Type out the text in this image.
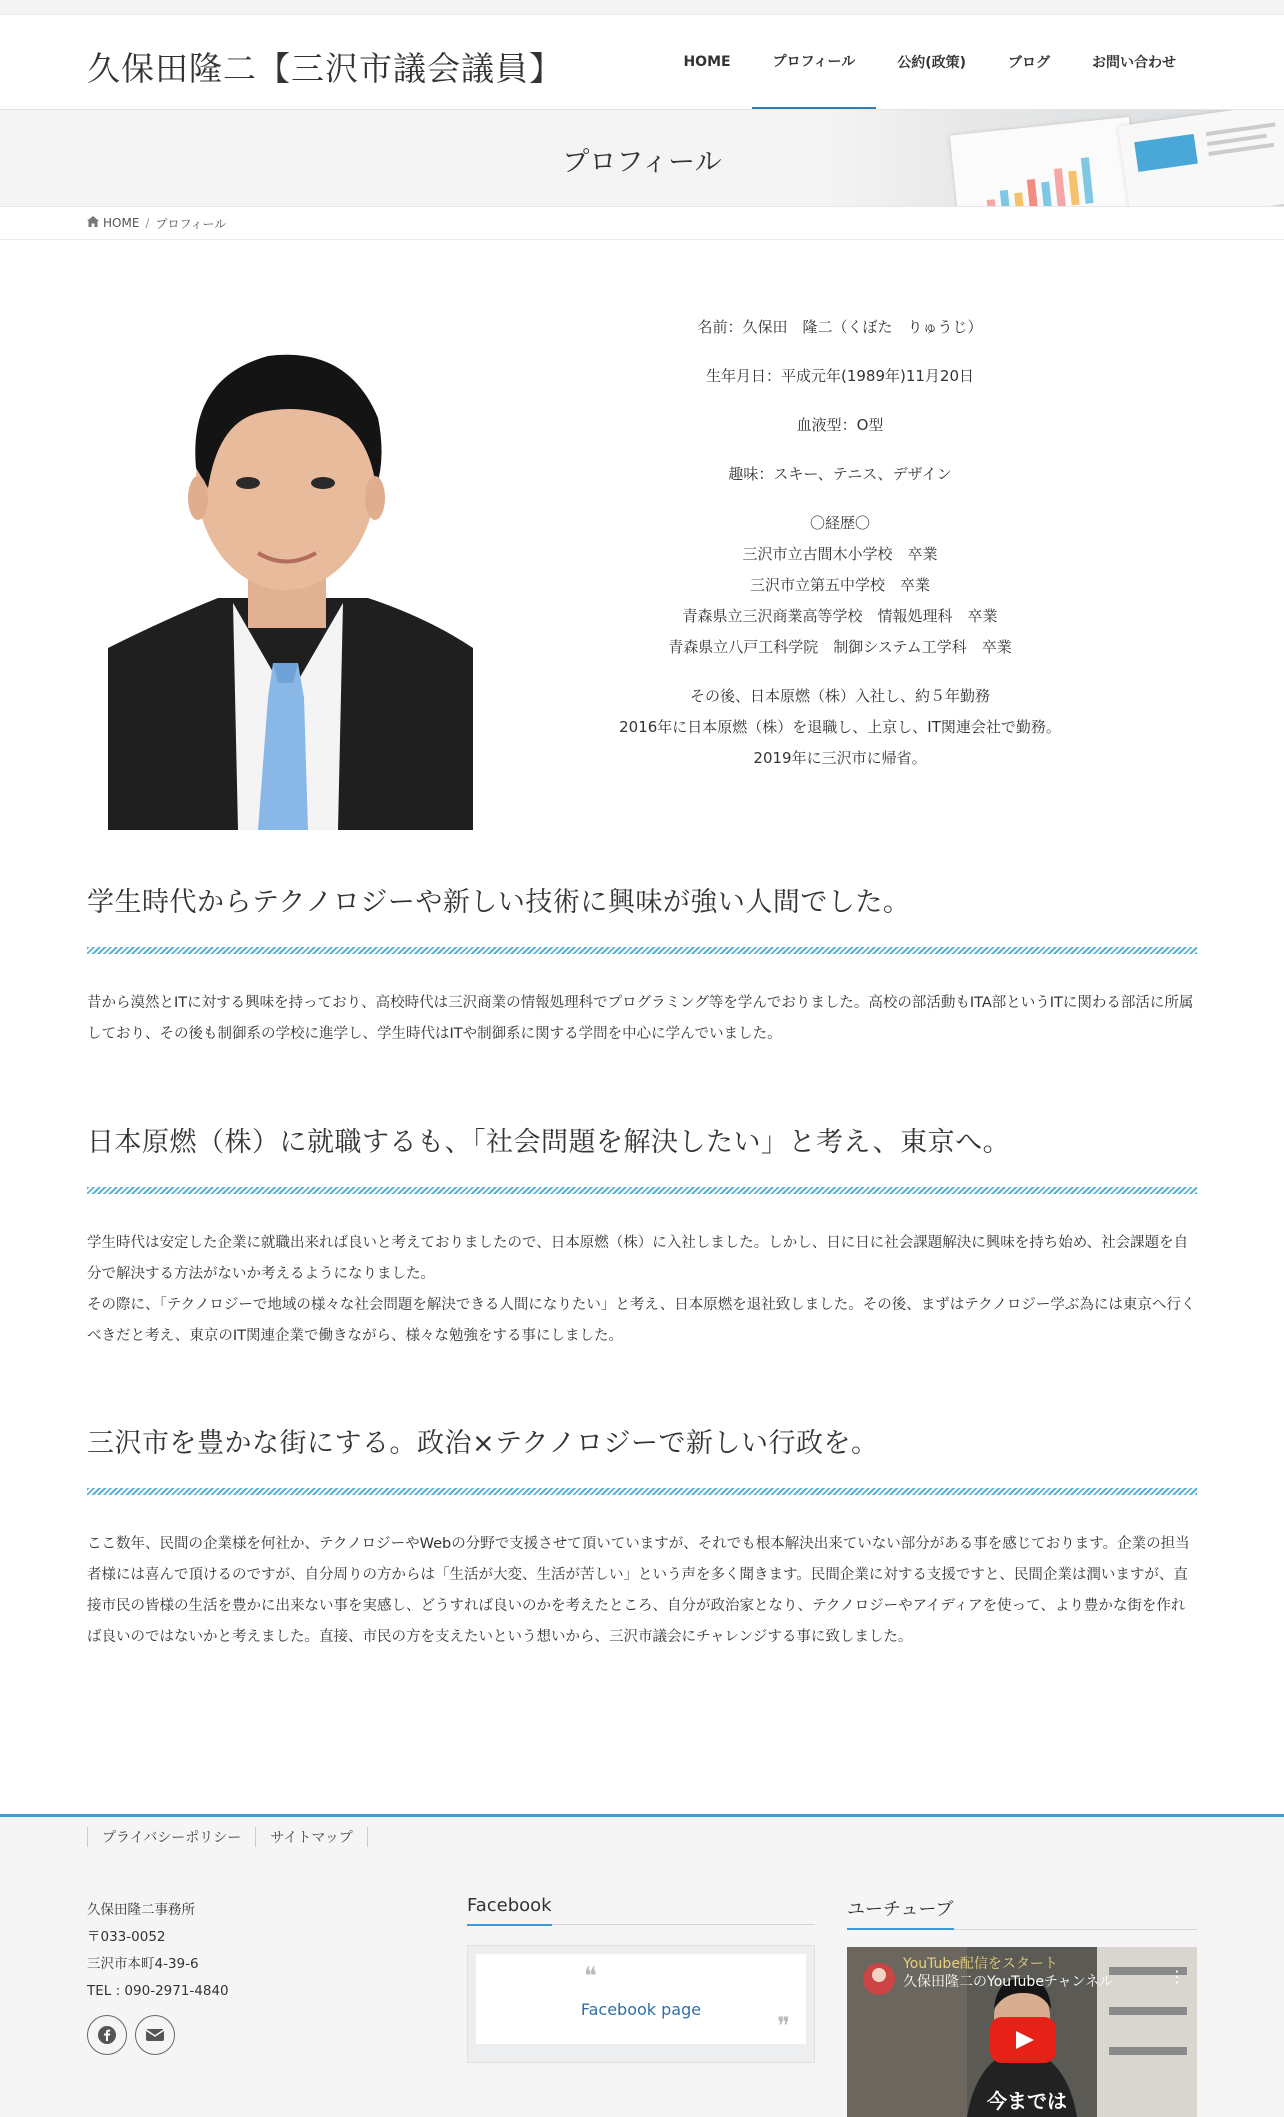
久保田隆二【三沢市議会議員】	HOME	プロフィール	公約(政策)	ブログ	お問い合わせ
プロフィール
HOME / プロフィール

名前：久保田　隆二（くぼた　りゅうじ）

生年月日：平成元年(1989年)11月20日

血液型：O型

趣味：スキー、テニス、デザイン

〇経歴〇
三沢市立古間木小学校　卒業
三沢市立第五中学校　卒業
青森県立三沢商業高等学校　情報処理科　卒業
青森県立八戸工科学院　制御システム工学科　卒業

その後、日本原燃（株）入社し、約５年勤務
2016年に日本原燃（株）を退職し、上京し、IT関連会社で勤務。
2019年に三沢市に帰省。

学生時代からテクノロジーや新しい技術に興味が強い人間でした。

昔から漠然とITに対する興味を持っており、高校時代は三沢商業の情報処理科でプログラミング等を学んでおりました。高校の部活動もITA部というITに関わる部活に所属しており、その後も制御系の学校に進学し、学生時代はITや制御系に関する学問を中心に学んでいました。

日本原燃（株）に就職するも、「社会問題を解決したい」と考え、東京へ。

学生時代は安定した企業に就職出来れば良いと考えておりましたので、日本原燃（株）に入社しました。しかし、日に日に社会課題解決に興味を持ち始め、社会課題を自分で解決する方法がないか考えるようになりました。

その際に、「テクノロジーで地域の様々な社会問題を解決できる人間になりたい」と考え、日本原燃を退社致しました。その後、まずはテクノロジー学ぶ為には東京へ行くべきだと考え、東京のIT関連企業で働きながら、様々な勉強をする事にしました。

三沢市を豊かな街にする。政治×テクノロジーで新しい行政を。

ここ数年、民間の企業様を何社か、テクノロジーやWebの分野で支援させて頂いていますが、それでも根本解決出来ていない部分がある事を感じております。企業の担当者様には喜んで頂けるのですが、自分周りの方からは「生活が大変、生活が苦しい」という声を多く聞きます。民間企業に対する支援ですと、民間企業は潤いますが、直接市民の皆様の生活を豊かに出来ない事を実感し、どうすれば良いのかを考えたところ、自分が政治家となり、テクノロジーやアイディアを使って、より豊かな街を作れば良いのではないかと考えました。直接、市民の方を支えたいという想いから、三沢市議会にチャレンジする事に致しました。

プライバシーポリシー	サイトマップ
久保田隆二事務所
〒033-0052
三沢市本町4-39-6
TEL : 090-2971-4840
Facebook
❝
Facebook page
❞
ユーチューブ
YouTube配信をスタート
久保田隆二のYouTubeチャンネル	⋮
今までは
